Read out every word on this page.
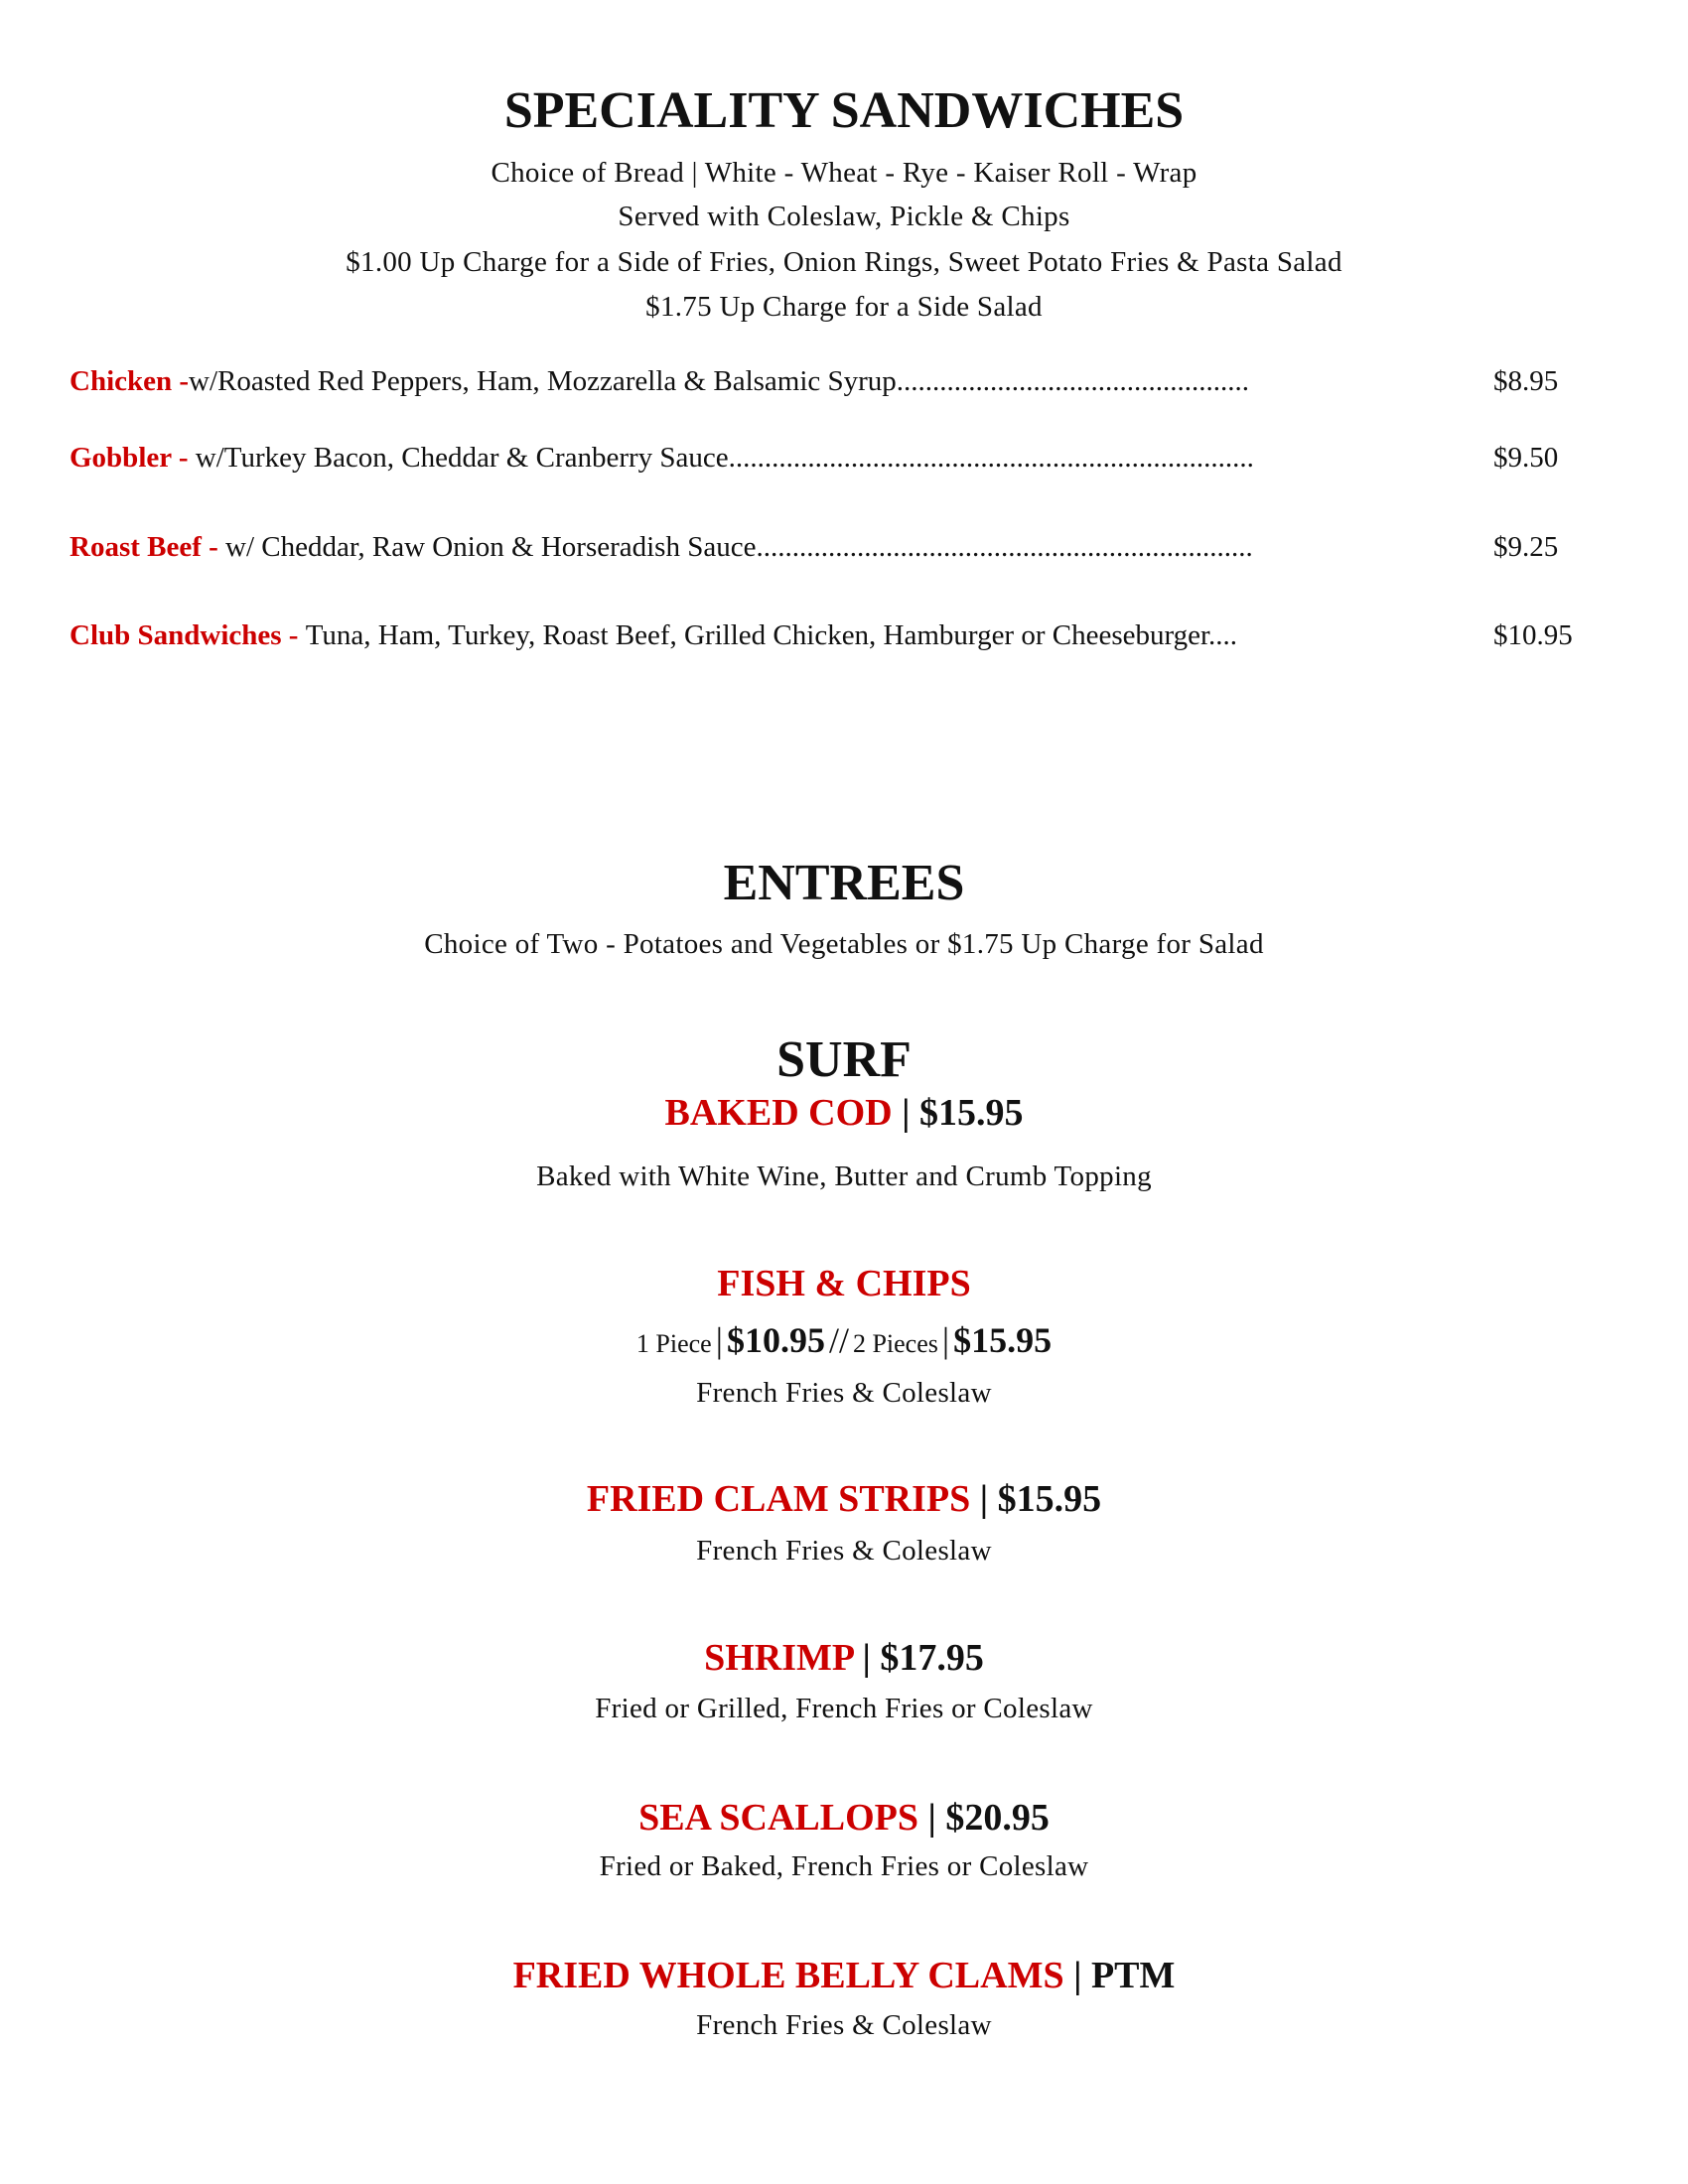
SPECIALITY SANDWICHES
Choice of Bread | White - Wheat - Rye - Kaiser Roll - Wrap
Served with Coleslaw, Pickle & Chips
$1.00 Up Charge for a Side of Fries, Onion Rings, Sweet Potato Fries & Pasta Salad
$1.75 Up Charge for a Side Salad
Chicken -w/Roasted Red Peppers, Ham, Mozzarella & Balsamic Syrup.................................................	$8.95
Gobbler - w/Turkey Bacon, Cheddar & Cranberry Sauce.........................................................................	$9.50
Roast Beef - w/ Cheddar, Raw Onion & Horseradish Sauce.....................................................................	$9.25
Club Sandwiches - Tuna, Ham, Turkey, Roast Beef, Grilled Chicken, Hamburger or Cheeseburger....	$10.95
ENTREES
Choice of Two - Potatoes and Vegetables or $1.75 Up Charge for Salad
SURF
BAKED COD | $15.95
Baked with White Wine, Butter and Crumb Topping
FISH & CHIPS
1 Piece | $10.95 // 2 Pieces | $15.95
French Fries & Coleslaw
FRIED CLAM STRIPS | $15.95
French Fries & Coleslaw
SHRIMP | $17.95
Fried or Grilled, French Fries or Coleslaw
SEA SCALLOPS | $20.95
Fried or Baked, French Fries or Coleslaw
FRIED WHOLE BELLY CLAMS | PTM
French Fries & Coleslaw
